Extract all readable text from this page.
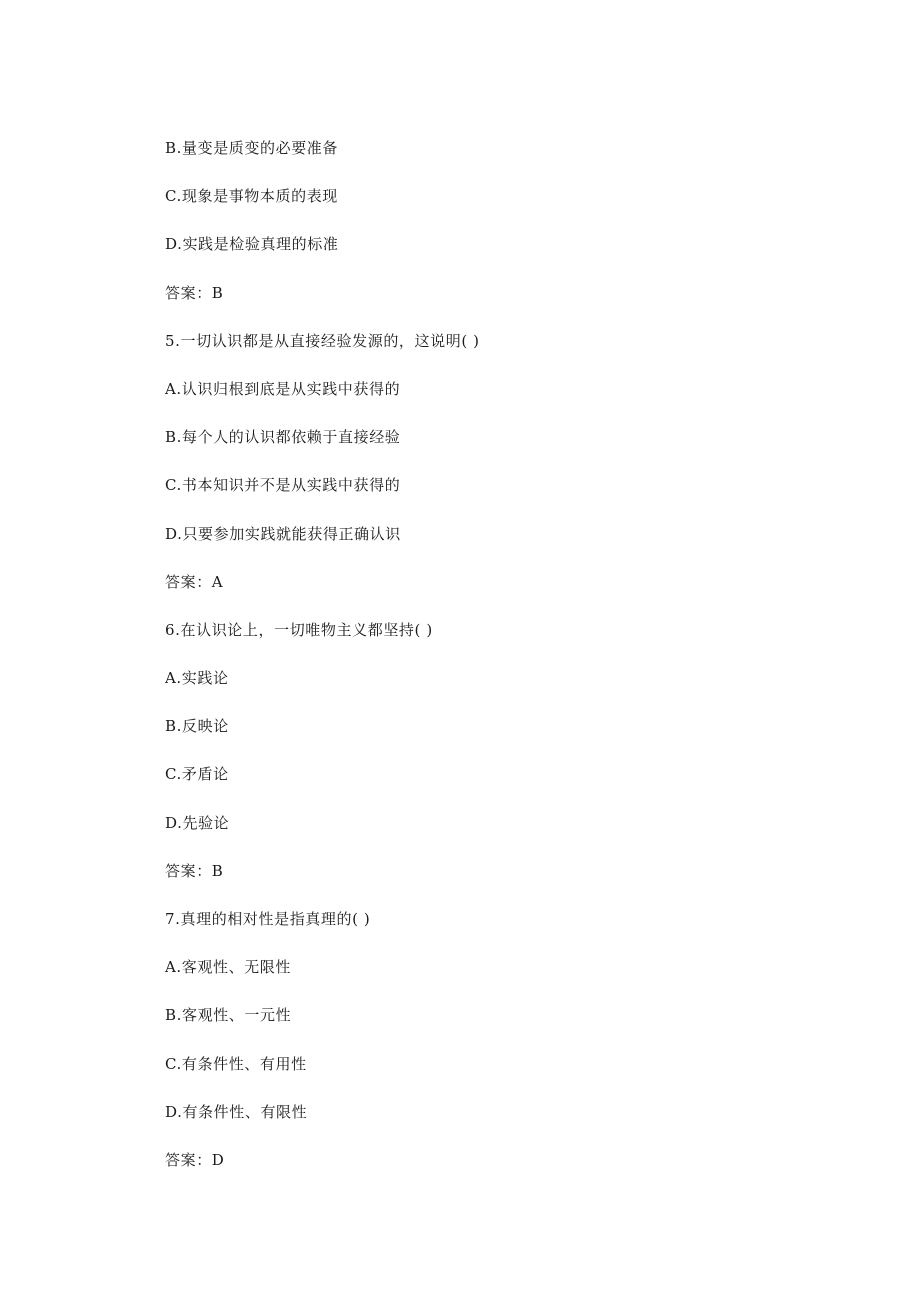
B.量变是质变的必要准备

C.现象是事物本质的表现

D.实践是检验真理的标准

答案：B

5.一切认识都是从直接经验发源的，这说明( )

A.认识归根到底是从实践中获得的

B.每个人的认识都依赖于直接经验

C.书本知识并不是从实践中获得的

D.只要参加实践就能获得正确认识

答案：A

6.在认识论上，一切唯物主义都坚持( )

A.实践论

B.反映论

C.矛盾论

D.先验论

答案：B

7.真理的相对性是指真理的( )

A.客观性、无限性

B.客观性、一元性

C.有条件性、有用性

D.有条件性、有限性

答案：D
